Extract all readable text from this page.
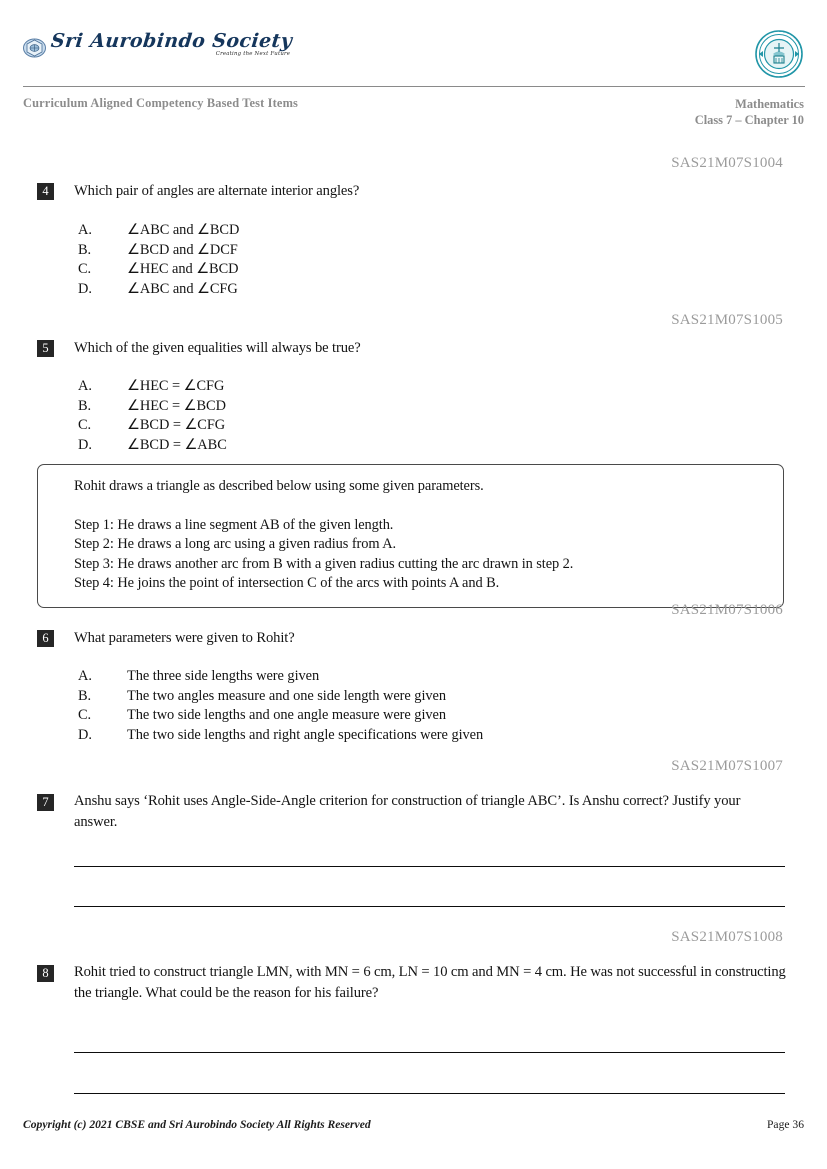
Sri Aurobindo Society
Creating the Next Future
Curriculum Aligned Competency Based Test Items	Mathematics
Class 7 – Chapter 10
SAS21M07S1004
4	Which pair of angles are alternate interior angles?
A.	∠ABC and ∠BCD
B.	∠BCD and ∠DCF
C.	∠HEC and ∠BCD
D.	∠ABC and ∠CFG
SAS21M07S1005
5	Which of the given equalities will always be true?
A.	∠HEC = ∠CFG
B.	∠HEC = ∠BCD
C.	∠BCD = ∠CFG
D.	∠BCD = ∠ABC
Rohit draws a triangle as described below using some given parameters.
Step 1: He draws a line segment AB of the given length.
Step 2: He draws a long arc using a given radius from A.
Step 3: He draws another arc from B with a given radius cutting the arc drawn in step 2.
Step 4: He joins the point of intersection C of the arcs with points A and B.
SAS21M07S1006
6	What parameters were given to Rohit?
A.	The three side lengths were given
B.	The two angles measure and one side length were given
C.	The two side lengths and one angle measure were given
D.	The two side lengths and right angle specifications were given
SAS21M07S1007
7	Anshu says ‘Rohit uses Angle-Side-Angle criterion for construction of triangle ABC’. Is Anshu correct? Justify your answer.
SAS21M07S1008
8	Rohit tried to construct triangle LMN, with MN = 6 cm, LN = 10 cm and MN = 4 cm. He was not successful in constructing the triangle. What could be the reason for his failure?
Copyright (c) 2021 CBSE and Sri Aurobindo Society All Rights Reserved	Page 36
